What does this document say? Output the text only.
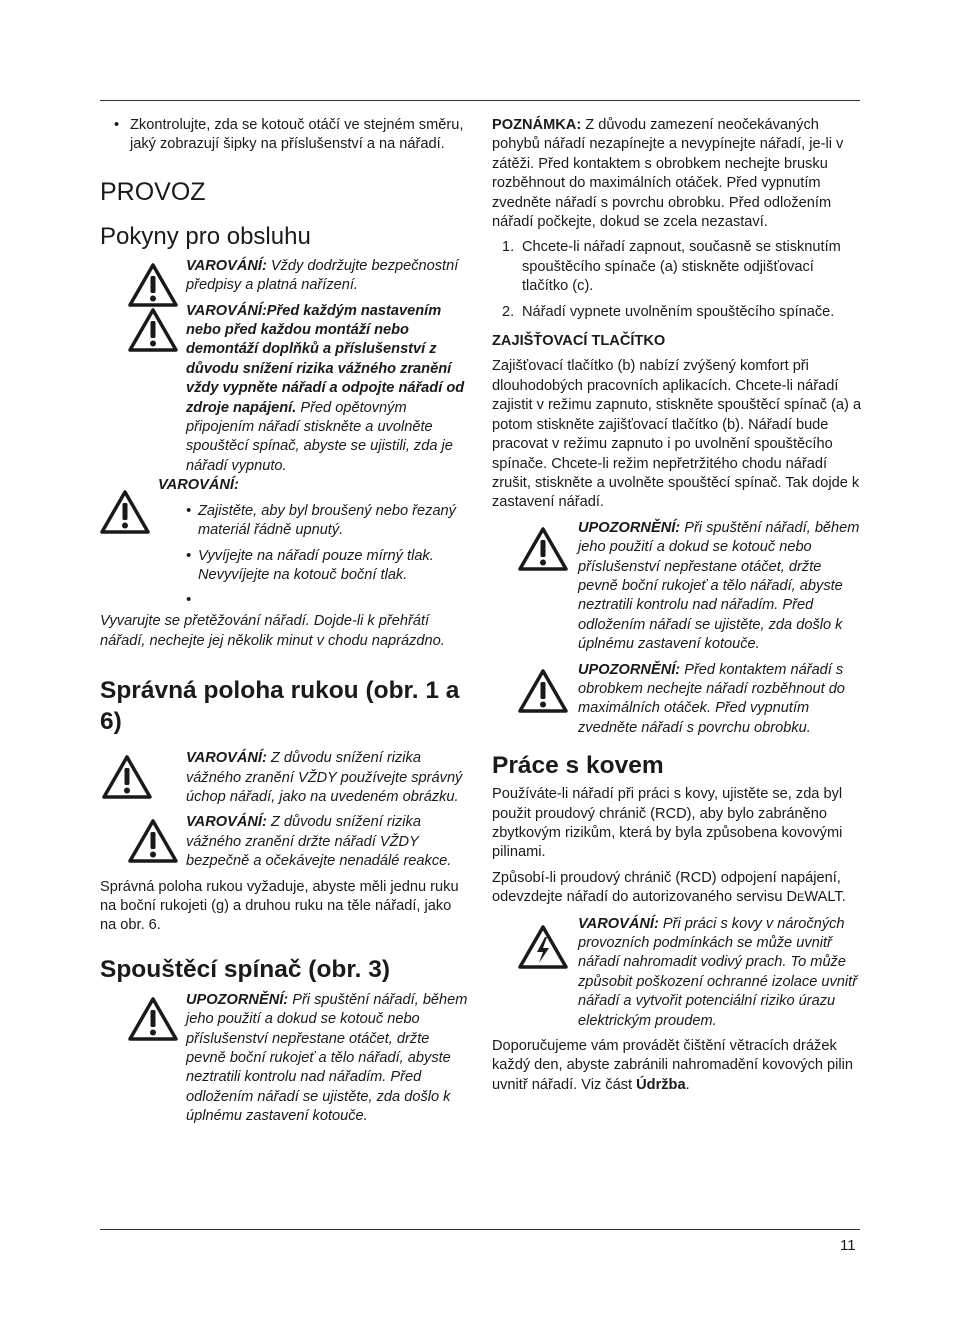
• Zkontrolujte, zda se kotouč otáčí ve stejném směru, jaký zobrazují šipky na příslušenství a na nářadí.

PROVOZ
Pokyny pro obsluhu

VAROVÁNÍ: Vždy dodržujte bezpečnostní předpisy a platná nařízení.

VAROVÁNÍ:Před každým nastavením nebo před každou montáží nebo demontáží doplňků a příslušenství z důvodu snížení rizika vážného zranění vždy vypněte nářadí a odpojte nářadí od zdroje napájení. Před opětovným připojením nářadí stiskněte a uvolněte spouštěcí spínač, abyste se ujistili, zda je nářadí vypnuto.

VAROVÁNÍ:

• Zajistěte, aby byl broušený nebo řezaný materiál řádně upnutý.

• Vyvíjejte na nářadí pouze mírný tlak. Nevyvíjejte na kotouč boční tlak.

•

Vyvarujte se přetěžování nářadí. Dojde-li k přehřátí nářadí, nechejte jej několik minut v chodu naprázdno.

Správná poloha rukou (obr. 1 a 6)

VAROVÁNÍ: Z důvodu snížení rizika vážného zranění VŽDY používejte správný úchop nářadí, jako na uvedeném obrázku.

VAROVÁNÍ: Z důvodu snížení rizika vážného zranění držte nářadí VŽDY bezpečně a očekávejte nenadálé reakce.

Správná poloha rukou vyžaduje, abyste měli jednu ruku na boční rukojeti (g) a druhou ruku na těle nářadí, jako na obr. 6.

Spouštěcí spínač (obr. 3)

UPOZORNĚNÍ: Při spuštění nářadí, během jeho použití a dokud se kotouč nebo příslušenství nepřestane otáčet, držte pevně boční rukojeť a tělo nářadí, abyste neztratili kontrolu nad nářadím. Před odložením nářadí se ujistěte, zda došlo k úplnému zastavení kotouče.

POZNÁMKA: Z důvodu zamezení neočekávaných pohybů nářadí nezapínejte a nevypínejte nářadí, je-li v zátěži. Před kontaktem s obrobkem nechejte brusku rozběhnout do maximálních otáček. Před vypnutím zvedněte nářadí s povrchu obrobku. Před odložením nářadí počkejte, dokud se zcela nezastaví.

1. Chcete-li nářadí zapnout, současně se stisknutím spouštěcího spínače (a) stiskněte odjišťovací tlačítko (c).
2. Nářadí vypnete uvolněním spouštěcího spínače.

ZAJIŠŤOVACÍ TLAČÍTKO

Zajišťovací tlačítko (b) nabízí zvýšený komfort při dlouhodobých pracovních aplikacích. Chcete-li nářadí zajistit v režimu zapnuto, stiskněte spouštěcí spínač (a) a potom stiskněte zajišťovací tlačítko (b). Nářadí bude pracovat v režimu zapnuto i po uvolnění spouštěcího spínače. Chcete-li režim nepřetržitého chodu nářadí zrušit, stiskněte a uvolněte spouštěcí spínač. Tak dojde k zastavení nářadí.

UPOZORNĚNÍ: Při spuštění nářadí, během jeho použití a dokud se kotouč nebo příslušenství nepřestane otáčet, držte pevně boční rukojeť a tělo nářadí, abyste neztratili kontrolu nad nářadím. Před odložením nářadí se ujistěte, zda došlo k úplnému zastavení kotouče.

UPOZORNĚNÍ: Před kontaktem nářadí s obrobkem nechejte nářadí rozběhnout do maximálních otáček. Před vypnutím zvedněte nářadí s povrchu obrobku.

Práce s kovem

Používáte-li nářadí při práci s kovy, ujistěte se, zda byl použit proudový chránič (RCD), aby bylo zabráněno zbytkovým rizikům, která by byla způsobena kovovými pilinami.

Způsobí-li proudový chránič (RCD) odpojení napájení, odevzdejte nářadí do autorizovaného servisu DEWALT.

VAROVÁNÍ: Při práci s kovy v náročných provozních podmínkách se může uvnitř nářadí nahromadit vodivý prach. To může způsobit poškození ochranné izolace uvnitř nářadí a vytvořit potenciální riziko úrazu elektrickým proudem.

Doporučujeme vám provádět čištění větracích drážek každý den, abyste zabránili nahromadění kovových pilin uvnitř nářadí. Viz část Údržba.

11
